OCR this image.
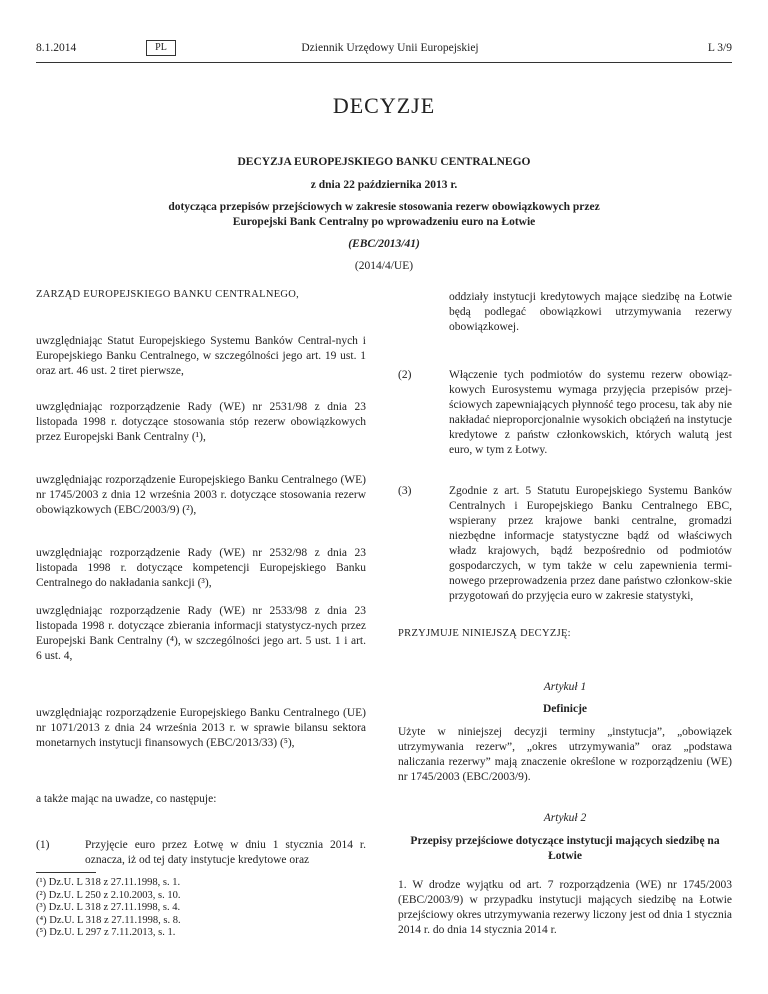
8.1.2014	PL	Dziennik Urzędowy Unii Europejskiej	L 3/9
DECYZJE
DECYZJA EUROPEJSKIEGO BANKU CENTRALNEGO
z dnia 22 października 2013 r.
dotycząca przepisów przejściowych w zakresie stosowania rezerw obowiązkowych przez
Europejski Bank Centralny po wprowadzeniu euro na Łotwie
(EBC/2013/41)
(2014/4/UE)
ZARZĄD EUROPEJSKIEGO BANKU CENTRALNEGO,
uwzględniając Statut Europejskiego Systemu Banków Central-nych i Europejskiego Banku Centralnego, w szczególności jego art. 19 ust. 1 oraz art. 46 ust. 2 tiret pierwsze,
uwzględniając rozporządzenie Rady (WE) nr 2531/98 z dnia 23 listopada 1998 r. dotyczące stosowania stóp rezerw obowiązkowych przez Europejski Bank Centralny (¹),
uwzględniając rozporządzenie Europejskiego Banku Centralnego (WE) nr 1745/2003 z dnia 12 września 2003 r. dotyczące stosowania rezerw obowiązkowych (EBC/2003/9) (²),
uwzględniając rozporządzenie Rady (WE) nr 2532/98 z dnia 23 listopada 1998 r. dotyczące kompetencji Europejskiego Banku Centralnego do nakładania sankcji (³),
uwzględniając rozporządzenie Rady (WE) nr 2533/98 z dnia 23 listopada 1998 r. dotyczące zbierania informacji statystycz-nych przez Europejski Bank Centralny (⁴), w szczególności jego art. 5 ust. 1 i art. 6 ust. 4,
uwzględniając rozporządzenie Europejskiego Banku Centralnego (UE) nr 1071/2013 z dnia 24 września 2013 r. w sprawie bilansu sektora monetarnych instytucji finansowych (EBC/2013/33) (⁵),
a także mając na uwadze, co następuje:
(1)	Przyjęcie euro przez Łotwę w dniu 1 stycznia 2014 r. oznacza, iż od tej daty instytucje kredytowe oraz
(¹) Dz.U. L 318 z 27.11.1998, s. 1.
(²) Dz.U. L 250 z 2.10.2003, s. 10.
(³) Dz.U. L 318 z 27.11.1998, s. 4.
(⁴) Dz.U. L 318 z 27.11.1998, s. 8.
(⁵) Dz.U. L 297 z 7.11.2013, s. 1.
oddziały instytucji kredytowych mające siedzibę na Łotwie będą podlegać obowiązkowi utrzymywania rezerwy obowiązkowej.
(2)	Włączenie tych podmiotów do systemu rezerw obowiąz-kowych Eurosystemu wymaga przyjęcia przepisów przej-ściowych zapewniających płynność tego procesu, tak aby nie nakładać nieproporcjonalnie wysokich obciążeń na instytucje kredytowe z państw członkowskich, których walutą jest euro, w tym z Łotwy.
(3)	Zgodnie z art. 5 Statutu Europejskiego Systemu Banków Centralnych i Europejskiego Banku Centralnego EBC, wspierany przez krajowe banki centralne, gromadzi niezbędne informacje statystyczne bądź od właściwych władz krajowych, bądź bezpośrednio od podmiotów gospodarczych, w tym także w celu zapewnienia termi-nowego przeprowadzenia przez dane państwo członkow-skie przygotowań do przyjęcia euro w zakresie statystyki,
PRZYJMUJE NINIEJSZĄ DECYZJĘ:
Artykuł 1
Definicje
Użyte w niniejszej decyzji terminy „instytucja”, „obowiązek utrzymywania rezerw”, „okres utrzymywania” oraz „podstawa naliczania rezerwy” mają znaczenie określone w rozporządzeniu (WE) nr 1745/2003 (EBC/2003/9).
Artykuł 2
Przepisy przejściowe dotyczące instytucji mających siedzibę na Łotwie
1. W drodze wyjątku od art. 7 rozporządzenia (WE) nr 1745/2003 (EBC/2003/9) w przypadku instytucji mających siedzibę na Łotwie przejściowy okres utrzymywania rezerwy liczony jest od dnia 1 stycznia 2014 r. do dnia 14 stycznia 2014 r.
